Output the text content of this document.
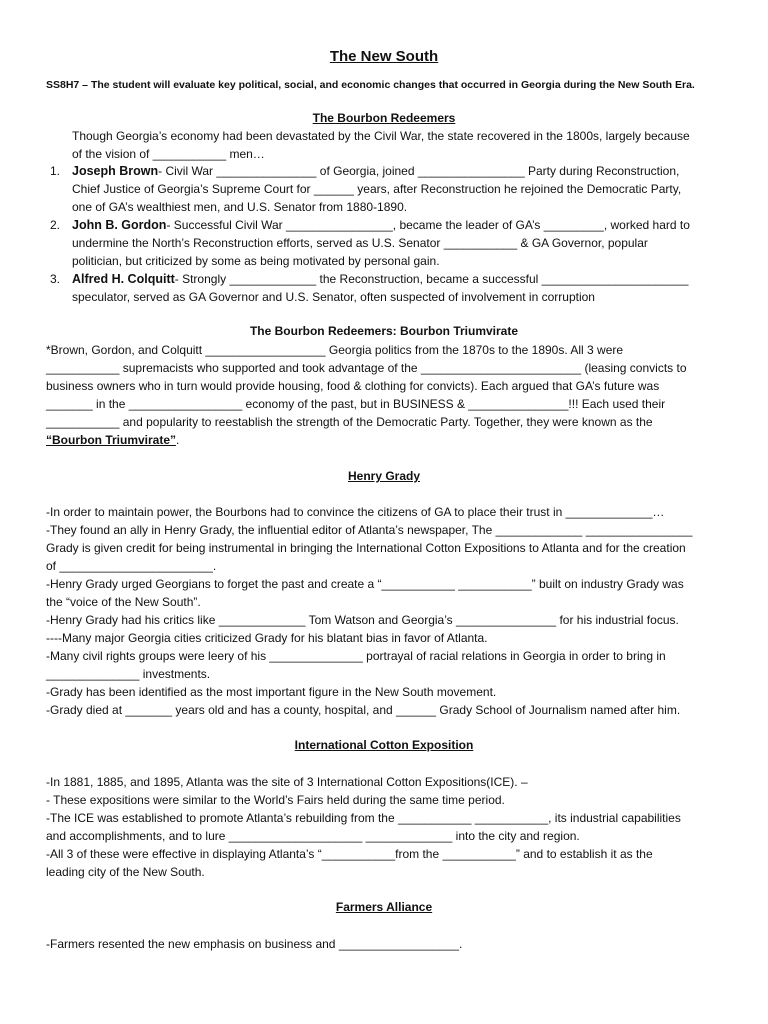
The New South
SS8H7 – The student will evaluate key political, social, and economic changes that occurred in Georgia during the New South Era.
The Bourbon Redeemers

Though Georgia’s economy had been devastated by the Civil War, the state recovered in the 1800s, largely because of the vision of ___________ men…

1. Joseph Brown- Civil War _______________ of Georgia, joined ________________ Party during Reconstruction, Chief Justice of Georgia’s Supreme Court for ______ years, after Reconstruction he rejoined the Democratic Party, one of GA’s wealthiest men, and U.S. Senator from 1880-1890.
2. John B. Gordon- Successful Civil War ________________, became the leader of GA’s _________, worked hard to undermine the North’s Reconstruction efforts, served as U.S. Senator ___________ & GA Governor, popular politician, but criticized by some as being motivated by personal gain.
3. Alfred H. Colquitt- Strongly _____________ the Reconstruction, became a successful ______________________ speculator, served as GA Governor and U.S. Senator, often suspected of involvement in corruption
The Bourbon Redeemers: Bourbon Triumvirate

*Brown, Gordon, and Colquitt __________________ Georgia politics from the 1870s to the 1890s. All 3 were ___________ supremacists who supported and took advantage of the ________________________ (leasing convicts to business owners who in turn would provide housing, food & clothing for convicts). Each argued that GA’s future was _______ in the _________________ economy of the past, but in BUSINESS & _______________!!! Each used their ___________ and popularity to reestablish the strength of the Democratic Party. Together, they were known as the “Bourbon Triumvirate”.

Henry Grady

-In order to maintain power, the Bourbons had to convince the citizens of GA to place their trust in _____________…

-They found an ally in Henry Grady, the influential editor of Atlanta’s newspaper, The _____________ ________________ Grady is given credit for being instrumental in bringing the International Cotton Expositions to Atlanta and for the creation of _______________________.

-Henry Grady urged Georgians to forget the past and create a “___________ ___________” built on industry Grady was the “voice of the New South”.

-Henry Grady had his critics like _____________ Tom Watson and Georgia’s _______________ for his industrial focus.

----Many major Georgia cities criticized Grady for his blatant bias in favor of Atlanta.

-Many civil rights groups were leery of his ______________ portrayal of racial relations in Georgia in order to bring in ______________ investments.

-Grady has been identified as the most important figure in the New South movement.

-Grady died at _______ years old and has a county, hospital, and ______ Grady School of Journalism named after him.

International Cotton Exposition

-In 1881, 1885, and 1895, Atlanta was the site of 3 International Cotton Expositions(ICE). –

- These expositions were similar to the World’s Fairs held during the same time period.

-The ICE was established to promote Atlanta’s rebuilding from the ___________ ___________, its industrial capabilities and accomplishments, and to lure ____________________ _____________ into the city and region.

-All 3 of these were effective in displaying Atlanta’s “___________from the ___________” and to establish it as the leading city of the New South.

Farmers Alliance

-Farmers resented the new emphasis on business and __________________.
